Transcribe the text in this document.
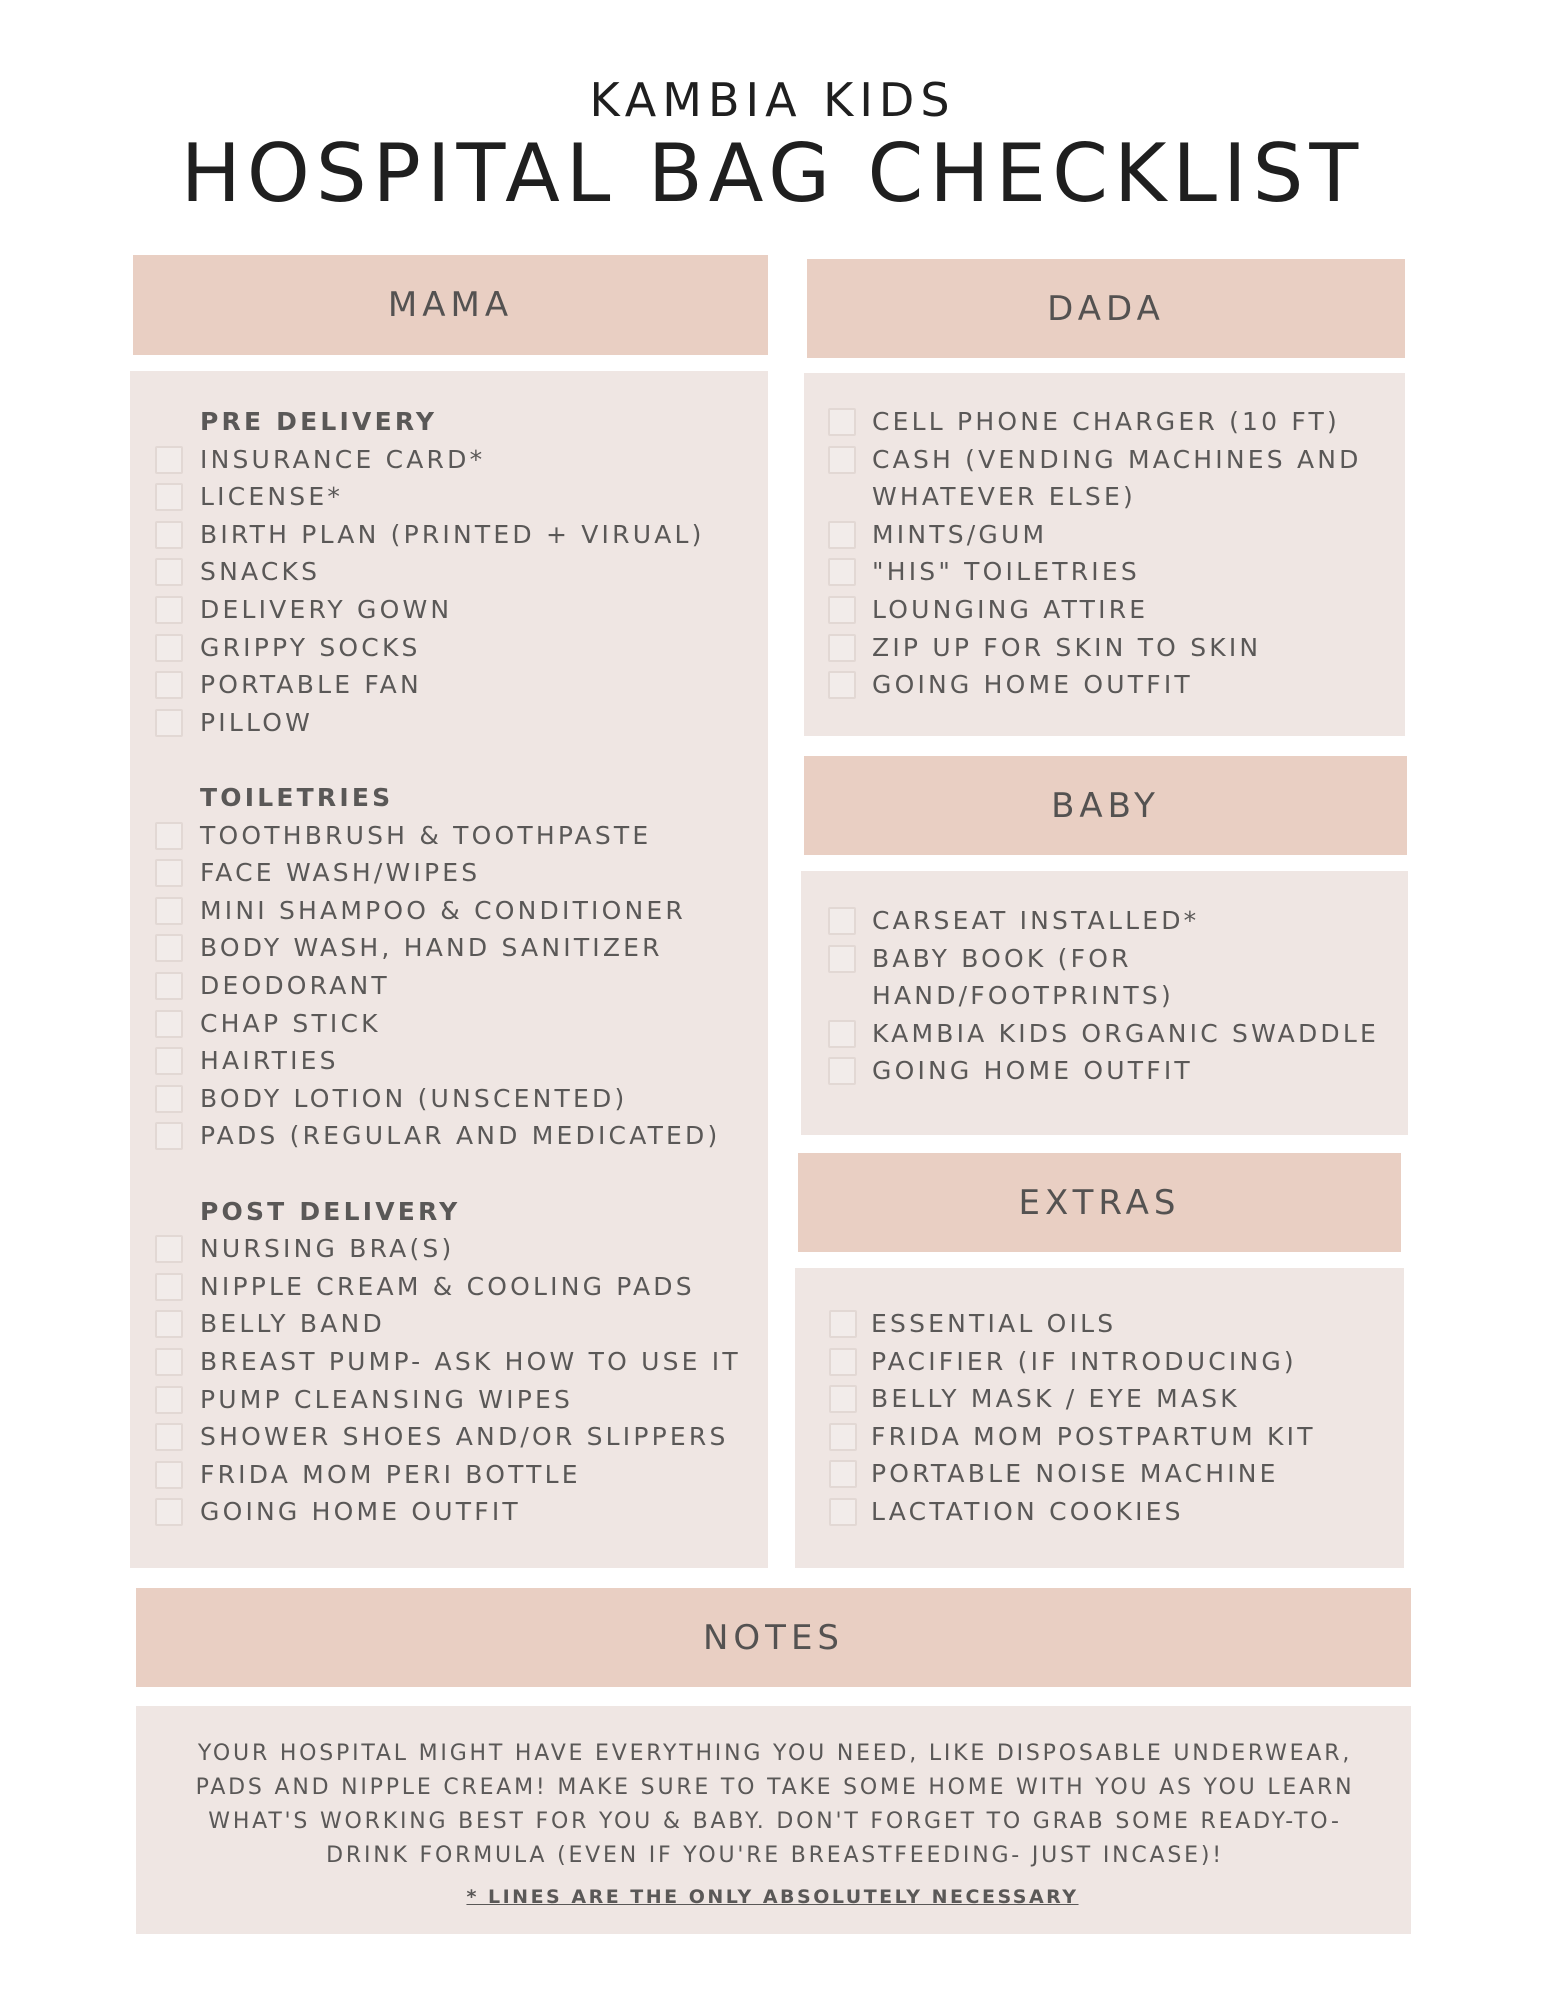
KAMBIA KIDS
HOSPITAL BAG CHECKLIST
MAMA	DADA
BABY
EXTRAS
NOTES
YOUR HOSPITAL MIGHT HAVE EVERYTHING YOU NEED, LIKE DISPOSABLE UNDERWEAR, PADS AND NIPPLE CREAM! MAKE SURE TO TAKE SOME HOME WITH YOU AS YOU LEARN WHAT'S WORKING BEST FOR YOU & BABY. DON'T FORGET TO GRAB SOME READY-TO-DRINK FORMULA (EVEN IF YOU'RE BREASTFEEDING- JUST INCASE)!
* LINES ARE THE ONLY ABSOLUTELY NECESSARY
PRE DELIVERY
INSURANCE CARD*
LICENSE*
BIRTH PLAN (PRINTED + VIRUAL)
SNACKS
DELIVERY GOWN
GRIPPY SOCKS
PORTABLE FAN
PILLOW
TOILETRIES
TOOTHBRUSH & TOOTHPASTE
FACE WASH/WIPES
MINI SHAMPOO & CONDITIONER
BODY WASH, HAND SANITIZER
DEODORANT
CHAP STICK
HAIRTIES
BODY LOTION (UNSCENTED)
PADS (REGULAR AND MEDICATED)
POST DELIVERY
NURSING BRA(S)
NIPPLE CREAM & COOLING PADS
BELLY BAND
BREAST PUMP- ASK HOW TO USE IT
PUMP CLEANSING WIPES
SHOWER SHOES AND/OR SLIPPERS
FRIDA MOM PERI BOTTLE
GOING HOME OUTFIT
CELL PHONE CHARGER (10 FT)
CASH (VENDING MACHINES AND
WHATEVER ELSE)
MINTS/GUM
"HIS" TOILETRIES
LOUNGING ATTIRE
ZIP UP FOR SKIN TO SKIN
GOING HOME OUTFIT
CARSEAT INSTALLED*
BABY BOOK (FOR
HAND/FOOTPRINTS)
KAMBIA KIDS ORGANIC SWADDLE
GOING HOME OUTFIT
ESSENTIAL OILS
PACIFIER (IF INTRODUCING)
BELLY MASK / EYE MASK
FRIDA MOM POSTPARTUM KIT
PORTABLE NOISE MACHINE
LACTATION COOKIES
